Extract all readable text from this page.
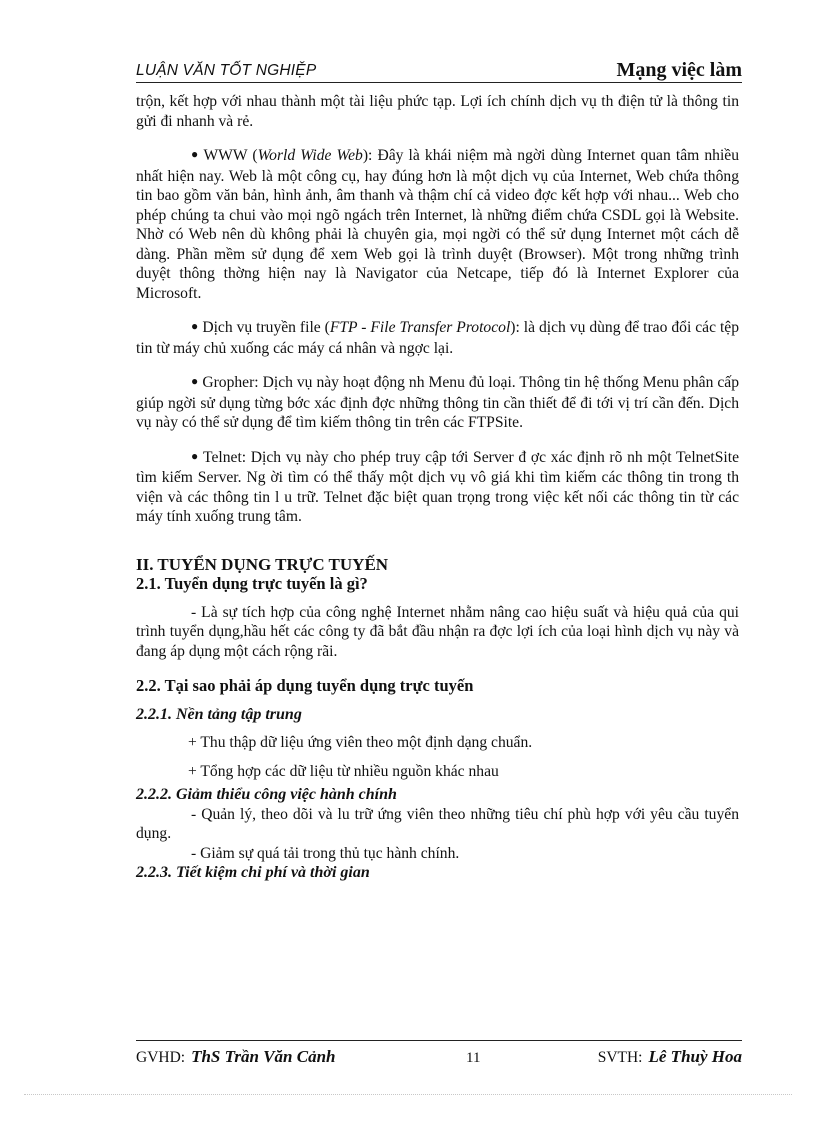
LUẬN VĂN TỐT NGHIỆP	Mạng việc làm

trộn, kết hợp với nhau thành một tài liệu phức tạp. Lợi ích chính dịch vụ th điện tử là thông tin gửi đi nhanh và rẻ.

● WWW (World Wide Web): Đây là khái niệm mà ngời dùng Internet quan tâm nhiều nhất hiện nay. Web là một công cụ, hay đúng hơn là một dịch vụ của Internet, Web chứa thông tin bao gồm văn bản, hình ảnh, âm thanh và thậm chí cả video đợc kết hợp với nhau... Web cho phép chúng ta chui vào mọi ngõ ngách trên Internet, là những điểm chứa CSDL gọi là Website. Nhờ có Web nên dù không phải là chuyên gia, mọi ngời có thể sử dụng Internet một cách dễ dàng. Phần mềm sử dụng để xem Web gọi là trình duyệt (Browser). Một trong những trình duyệt thông thờng hiện nay là Navigator của Netcape, tiếp đó là Internet Explorer của Microsoft.

● Dịch vụ truyền file (FTP - File Transfer Protocol): là dịch vụ dùng để trao đổi các tệp tin từ máy chủ xuống các máy cá nhân và ngợc lại.

● Gropher: Dịch vụ này hoạt động nh Menu đủ loại. Thông tin hệ thống Menu phân cấp giúp ngời sử dụng từng bớc xác định đợc những thông tin cần thiết để đi tới vị trí cần đến. Dịch vụ này có thể sử dụng để tìm kiếm thông tin trên các FTPSite.

● Telnet: Dịch vụ này cho phép truy cập tới Server đ ợc xác định rõ nh một TelnetSite tìm kiếm Server. Ng ời tìm có thể thấy một dịch vụ vô giá khi tìm kiếm các thông tin trong th viện và các thông tin l u trữ. Telnet đặc biệt quan trọng trong việc kết nối các thông tin từ các máy tính xuống trung tâm.

II. TUYỂN DỤNG TRỰC TUYẾN

2.1. Tuyển dụng trực tuyến là gì?

- Là sự tích hợp của công nghệ Internet nhằm nâng cao hiệu suất và hiệu quả của qui trình tuyển dụng,hầu hết các công ty đã bắt đầu nhận ra đợc lợi ích của loại hình dịch vụ này và đang áp dụng một cách rộng rãi.

2.2. Tại sao phải áp dụng tuyển dụng trực tuyến

2.2.1. Nền tảng tập trung

+ Thu thập dữ liệu ứng viên theo một định dạng chuẩn.

+ Tổng hợp các dữ liệu từ nhiều nguồn khác nhau

2.2.2. Giảm thiểu công việc hành chính

- Quản lý, theo dõi và lu trữ ứng viên theo những tiêu chí phù hợp với yêu cầu tuyển dụng.

- Giảm sự quá tải trong thủ tục hành chính.

2.2.3. Tiết kiệm chi phí và thời gian

GVHD: ThS Trần Văn Cảnh	11	SVTH: Lê Thuỳ Hoa
